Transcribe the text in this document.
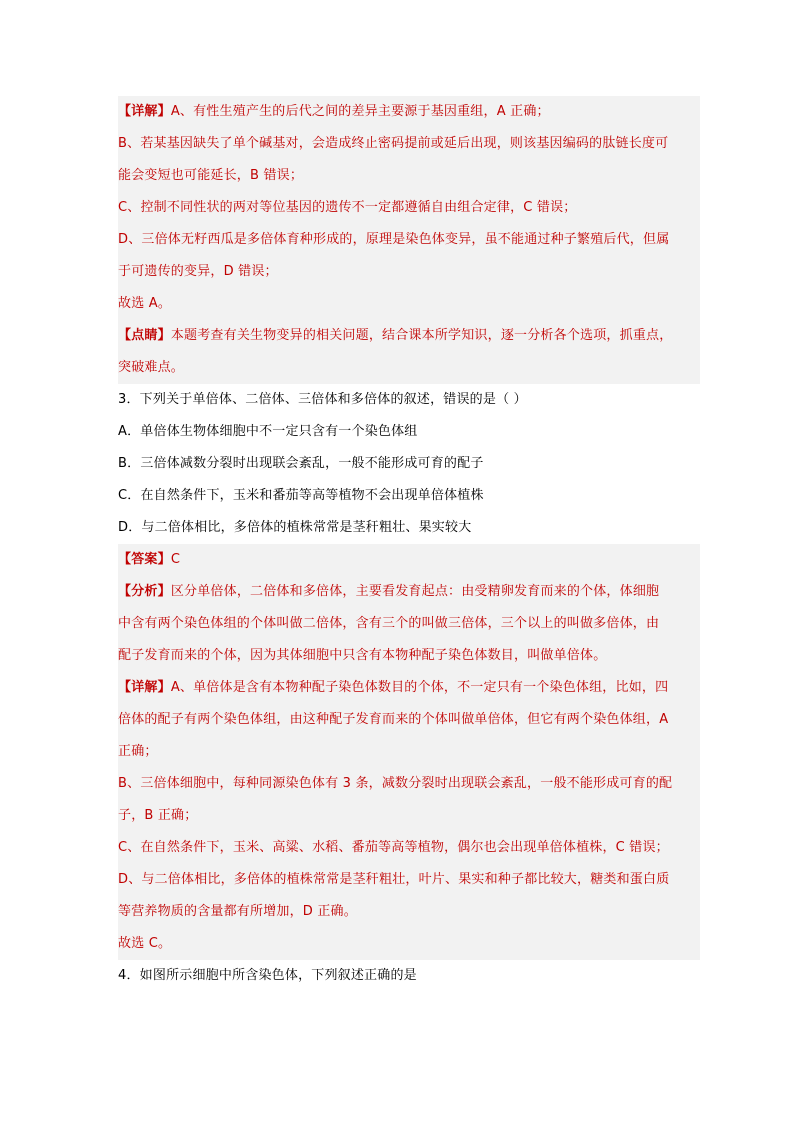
【详解】A、有性生殖产生的后代之间的差异主要源于基因重组，A 正确；
B、若某基因缺失了单个碱基对，会造成终止密码提前或延后出现，则该基因编码的肽链长度可
能会变短也可能延长，B 错误；
C、控制不同性状的两对等位基因的遗传不一定都遵循自由组合定律，C 错误；
D、三倍体无籽西瓜是多倍体育种形成的，原理是染色体变异，虽不能通过种子繁殖后代，但属
于可遗传的变异，D 错误；
故选 A。
【点睛】本题考查有关生物变异的相关问题，结合课本所学知识，逐一分析各个选项，抓重点，
突破难点。
3．下列关于单倍体、二倍体、三倍体和多倍体的叙述，错误的是（ ）
A．单倍体生物体细胞中不一定只含有一个染色体组
B．三倍体减数分裂时出现联会紊乱，一般不能形成可育的配子
C．在自然条件下，玉米和番茄等高等植物不会出现单倍体植株
D．与二倍体相比，多倍体的植株常常是茎秆粗壮、果实较大
【答案】C
【分析】区分单倍体，二倍体和多倍体，主要看发育起点：由受精卵发育而来的个体，体细胞
中含有两个染色体组的个体叫做二倍体，含有三个的叫做三倍体，三个以上的叫做多倍体，由
配子发育而来的个体，因为其体细胞中只含有本物种配子染色体数目，叫做单倍体。
【详解】A、单倍体是含有本物种配子染色体数目的个体，不一定只有一个染色体组，比如，四
倍体的配子有两个染色体组，由这种配子发育而来的个体叫做单倍体，但它有两个染色体组，A
正确；
B、三倍体细胞中，每种同源染色体有 3 条，减数分裂时出现联会紊乱，一般不能形成可育的配
子，B 正确；
C、在自然条件下，玉米、高粱、水稻、番茄等高等植物，偶尔也会出现单倍体植株，C 错误；
D、与二倍体相比，多倍体的植株常常是茎秆粗壮，叶片、果实和种子都比较大，糖类和蛋白质
等营养物质的含量都有所增加，D 正确。
故选 C。
4．如图所示细胞中所含染色体，下列叙述正确的是
